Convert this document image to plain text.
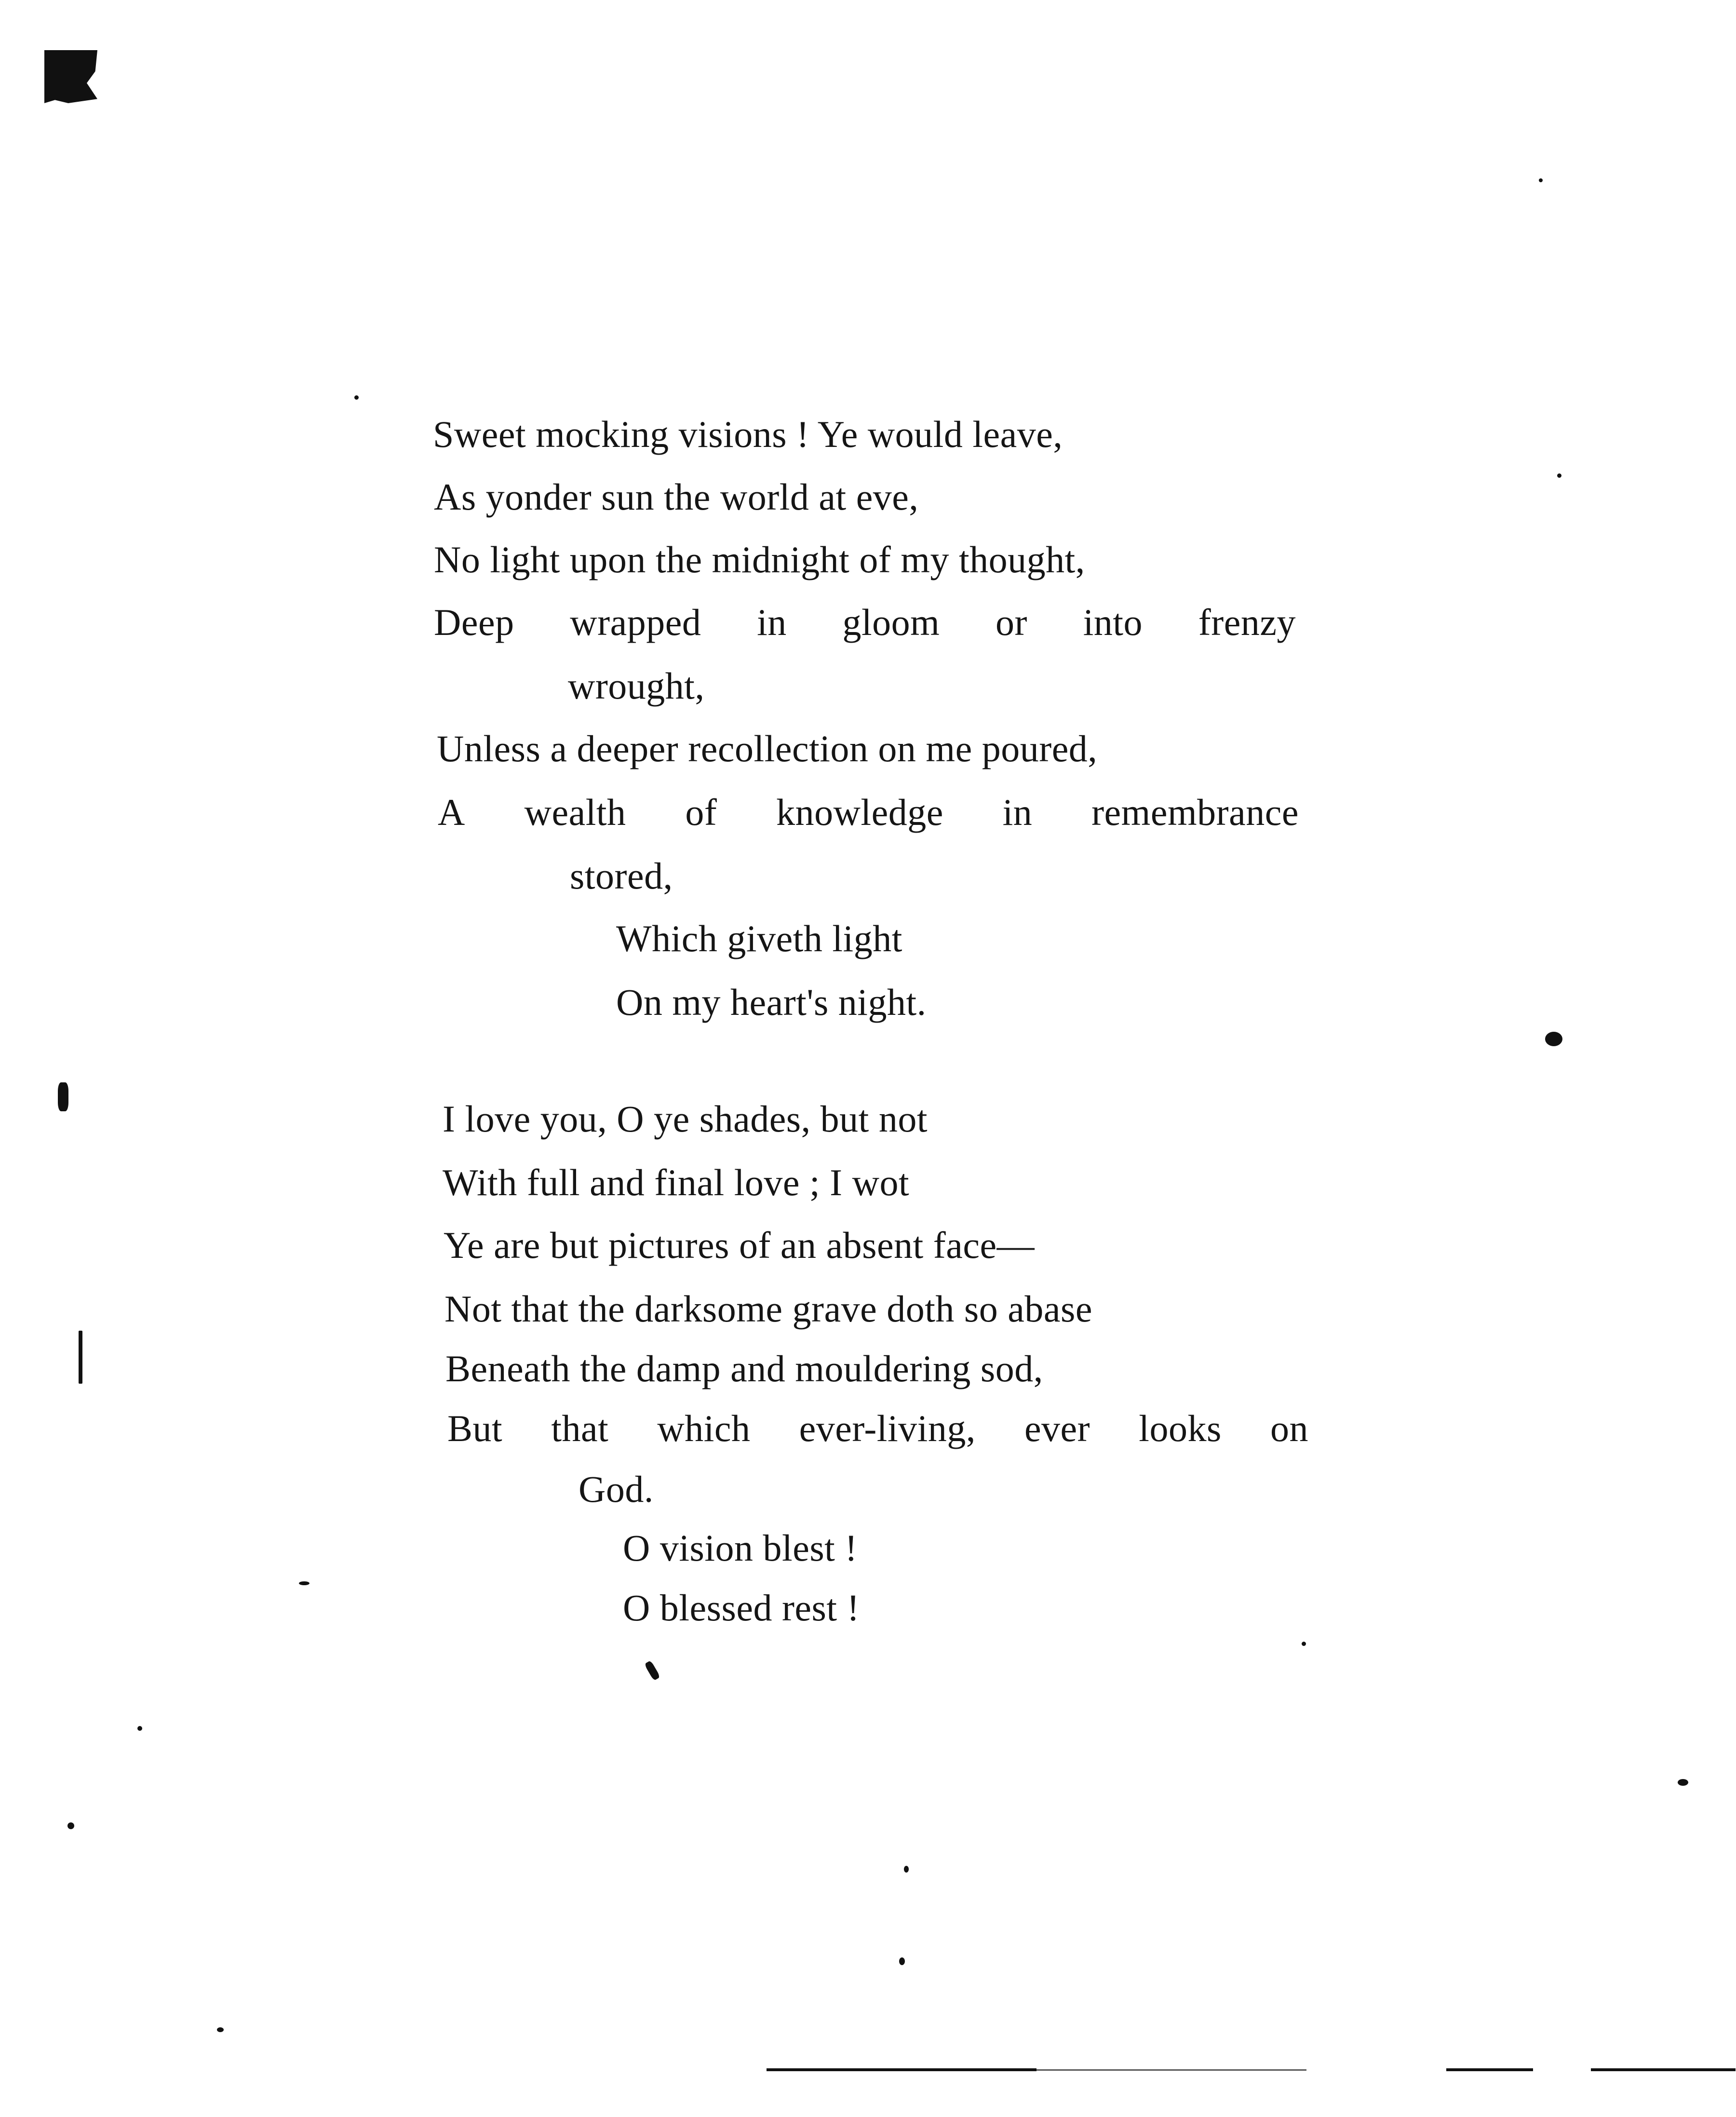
Sweet mocking visions ! Ye would leave,
As yonder sun the world at eve,
No light upon the midnight of my thought,
Deep wrapped in gloom or into frenzy
wrought,
Unless a deeper recollection on me poured,
A wealth of knowledge in remembrance
stored,
Which giveth light
On my heart's night.
I love you, O ye shades, but not
With full and final love ; I wot
Ye are but pictures of an absent face—
Not that the darksome grave doth so abase
Beneath the damp and mouldering sod,
But that which ever-living, ever looks on
God.
O vision blest !
O blessed rest !
